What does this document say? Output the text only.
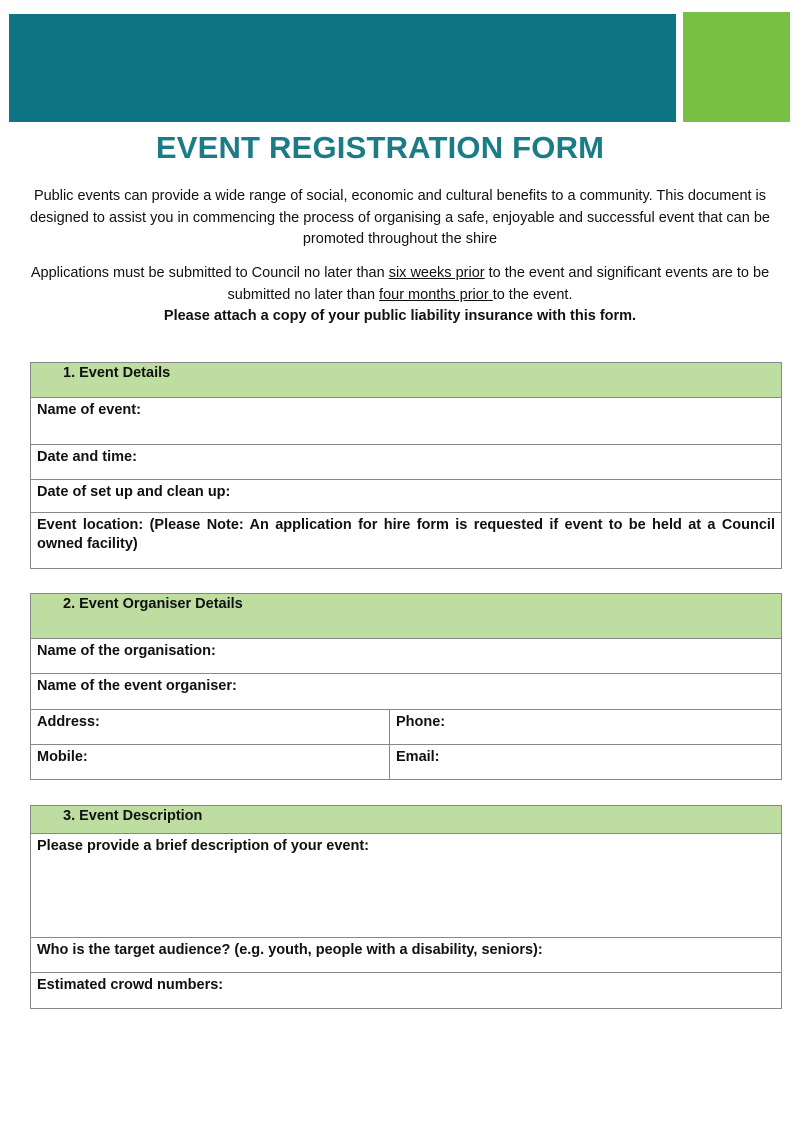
EVENT REGISTRATION FORM
Public events can provide a wide range of social, economic and cultural benefits to a community. This document is designed to assist you in commencing the process of organising a safe, enjoyable and successful event that can be promoted throughout the shire
Applications must be submitted to Council no later than six weeks prior to the event and significant events are to be submitted no later than four months prior to the event.
Please attach a copy of your public liability insurance with this form.
1. Event Details
Name of event:
Date and time:
Date of set up and clean up:
Event location: (Please Note: An application for hire form is requested if event to be held at a Council owned facility)
2. Event Organiser Details
Name of the organisation:
Name of the event organiser:
Address:	Phone:
Mobile:	Email:
3. Event Description
Please provide a brief description of your event:
Who is the target audience? (e.g. youth, people with a disability, seniors):
Estimated crowd numbers:
